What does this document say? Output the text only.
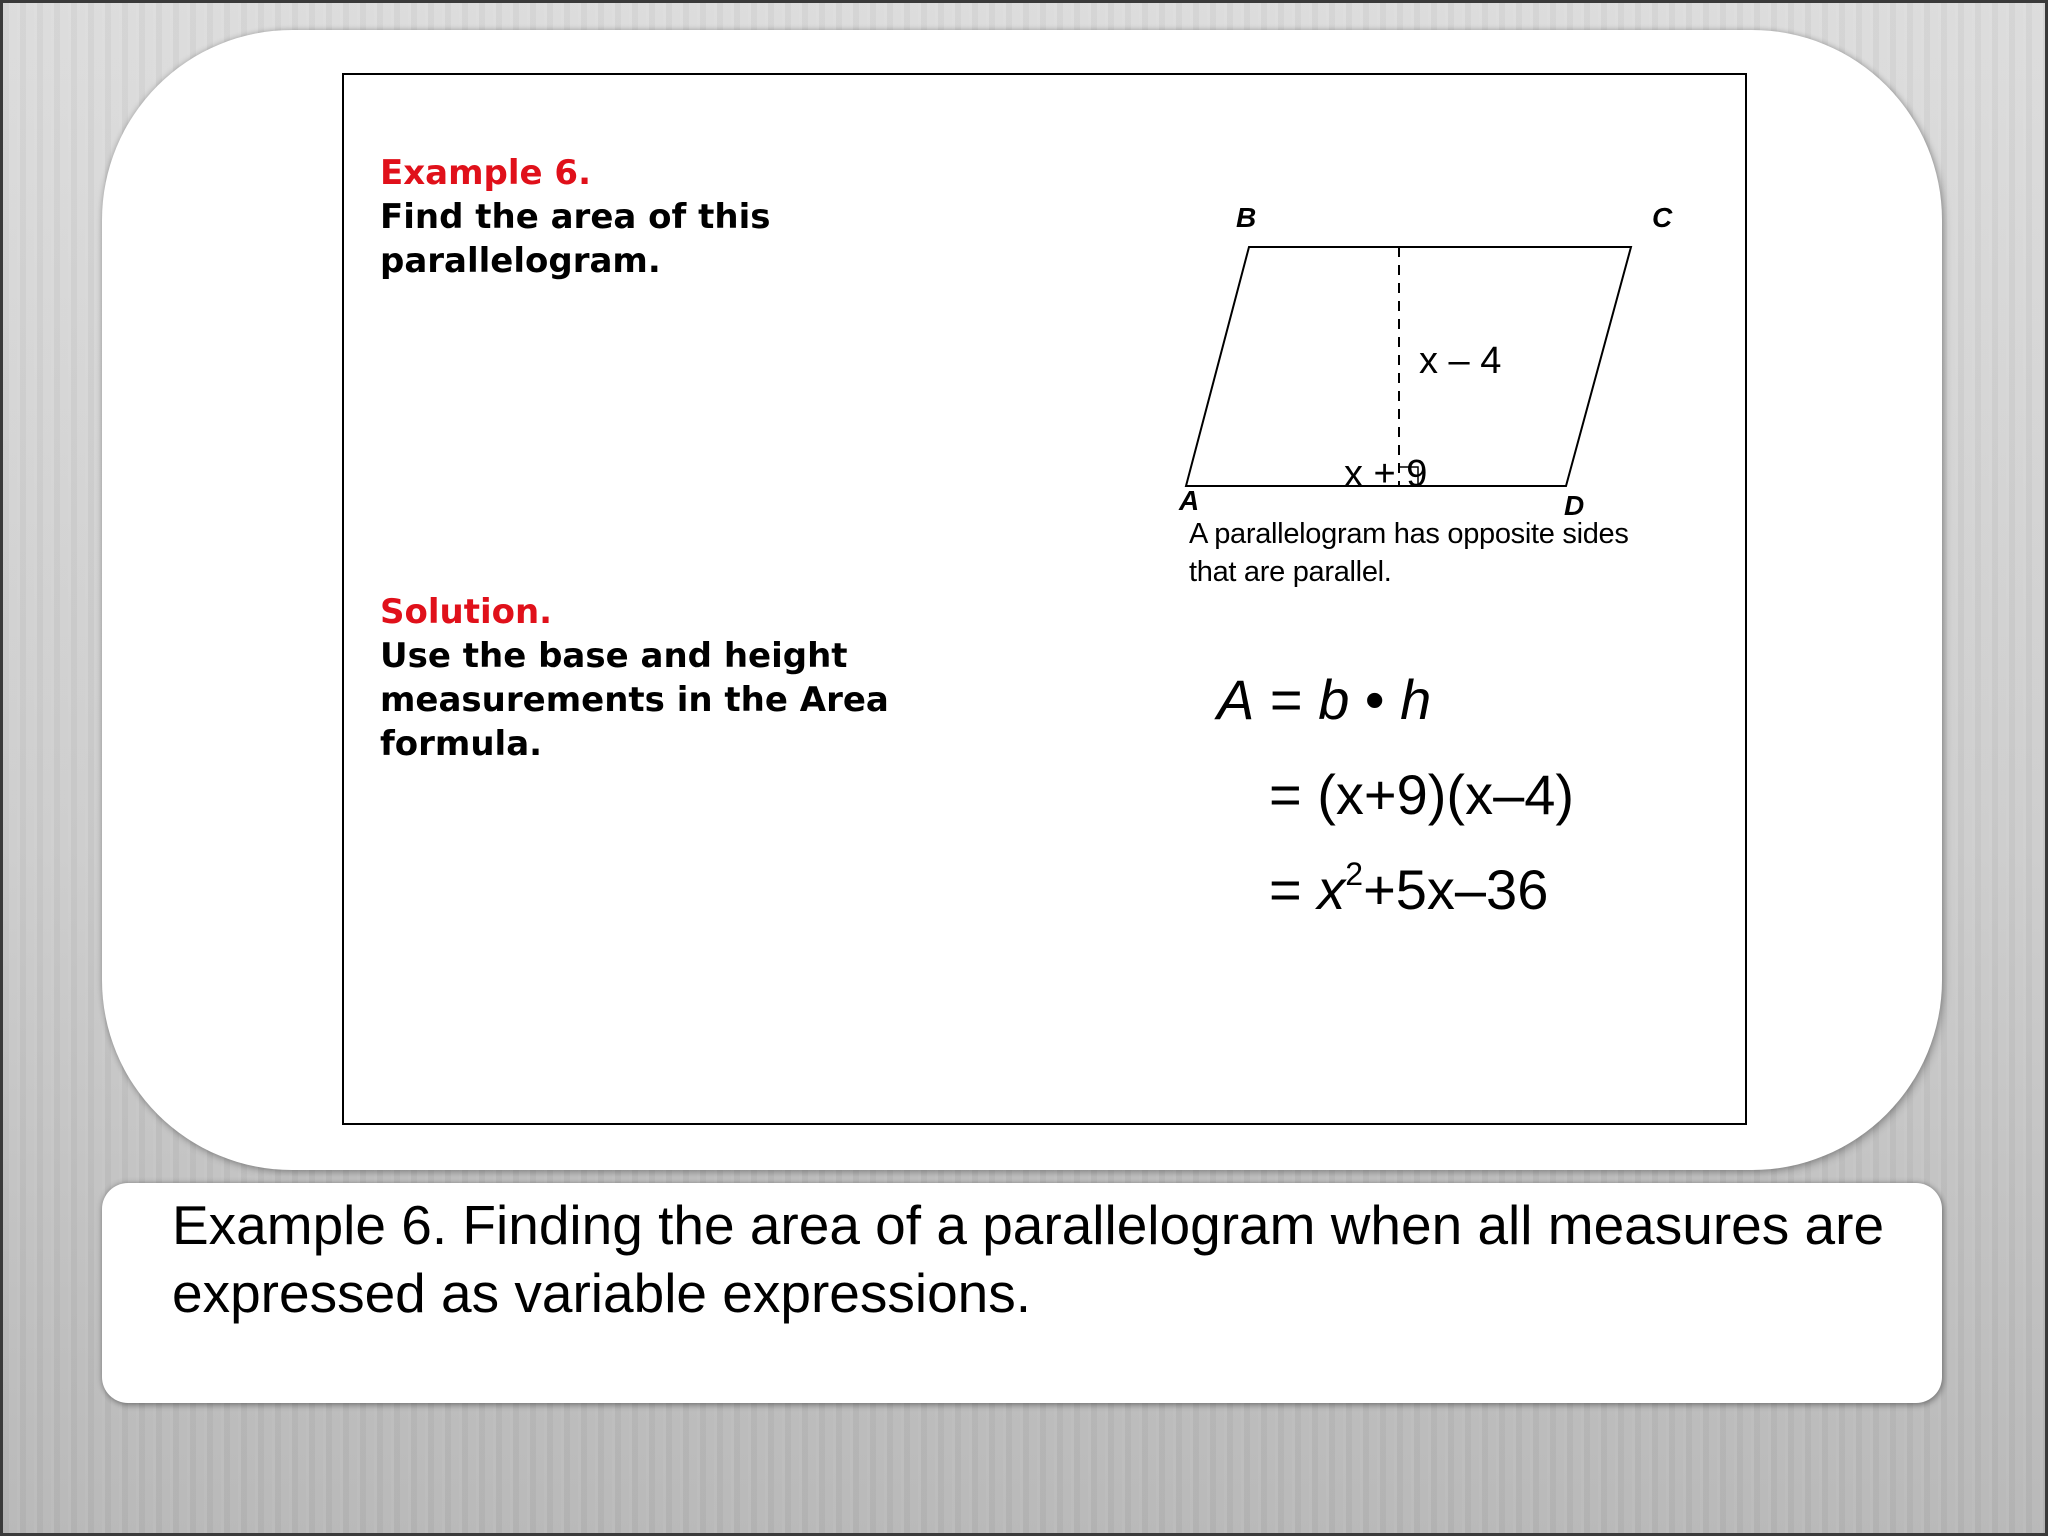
Example 6.
Find the area of this parallelogram.
Solution.
Use the base and height measurements in the Area formula.
B	C
A	D
x – 4
x + 9
A parallelogram has opposite sides that are parallel.
A = b • h
= (x+9)(x–4)
= $x^2+5x-36$
Example 6. Finding the area of a parallelogram when all measures are expressed as variable expressions.
